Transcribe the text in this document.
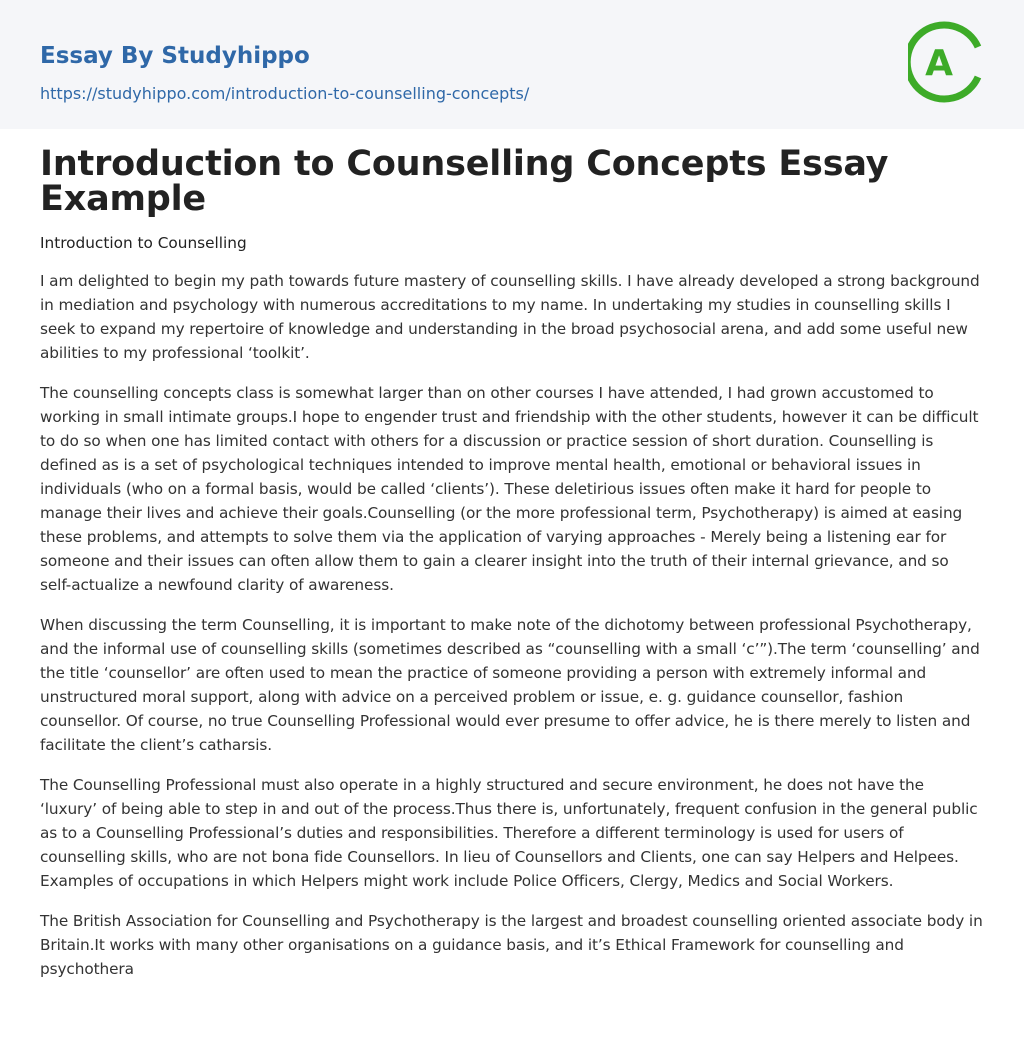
Essay By Studyhippo
https://studyhippo.com/introduction-to-counselling-concepts/
A
Introduction to Counselling Concepts Essay Example

Introduction to Counselling

I am delighted to begin my path towards future mastery of counselling skills. I have already developed a strong background in mediation and psychology with numerous accreditations to my name. In undertaking my studies in counselling skills I seek to expand my repertoire of knowledge and understanding in the broad psychosocial arena, and add some useful new abilities to my professional ‘toolkit’.

The counselling concepts class is somewhat larger than on other courses I have attended, I had grown accustomed to working in small intimate groups.I hope to engender trust and friendship with the other students, however it can be difficult to do so when one has limited contact with others for a discussion or practice session of short duration. Counselling is defined as is a set of psychological techniques intended to improve mental health, emotional or behavioral issues in individuals (who on a formal basis, would be called ‘clients’). These deletirious issues often make it hard for people to manage their lives and achieve their goals.Counselling (or the more professional term, Psychotherapy) is aimed at easing these problems, and attempts to solve them via the application of varying approaches - Merely being a listening ear for someone and their issues can often allow them to gain a clearer insight into the truth of their internal grievance, and so self-actualize a newfound clarity of awareness.

When discussing the term Counselling, it is important to make note of the dichotomy between professional Psychotherapy, and the informal use of counselling skills (sometimes described as “counselling with a small ‘c’”).The term ‘counselling’ and the title ‘counsellor’ are often used to mean the practice of someone providing a person with extremely informal and unstructured moral support, along with advice on a perceived problem or issue, e. g. guidance counsellor, fashion counsellor. Of course, no true Counselling Professional would ever presume to offer advice, he is there merely to listen and facilitate the client’s catharsis.

The Counselling Professional must also operate in a highly structured and secure environment, he does not have the ‘luxury’ of being able to step in and out of the process.Thus there is, unfortunately, frequent confusion in the general public as to a Counselling Professional’s duties and responsibilities. Therefore a different terminology is used for users of counselling skills, who are not bona fide Counsellors. In lieu of Counsellors and Clients, one can say Helpers and Helpees. Examples of occupations in which Helpers might work include Police Officers, Clergy, Medics and Social Workers.

The British Association for Counselling and Psychotherapy is the largest and broadest counselling oriented associate body in Britain.It works with many other organisations on a guidance basis, and it’s Ethical Framework for counselling and psychothera
